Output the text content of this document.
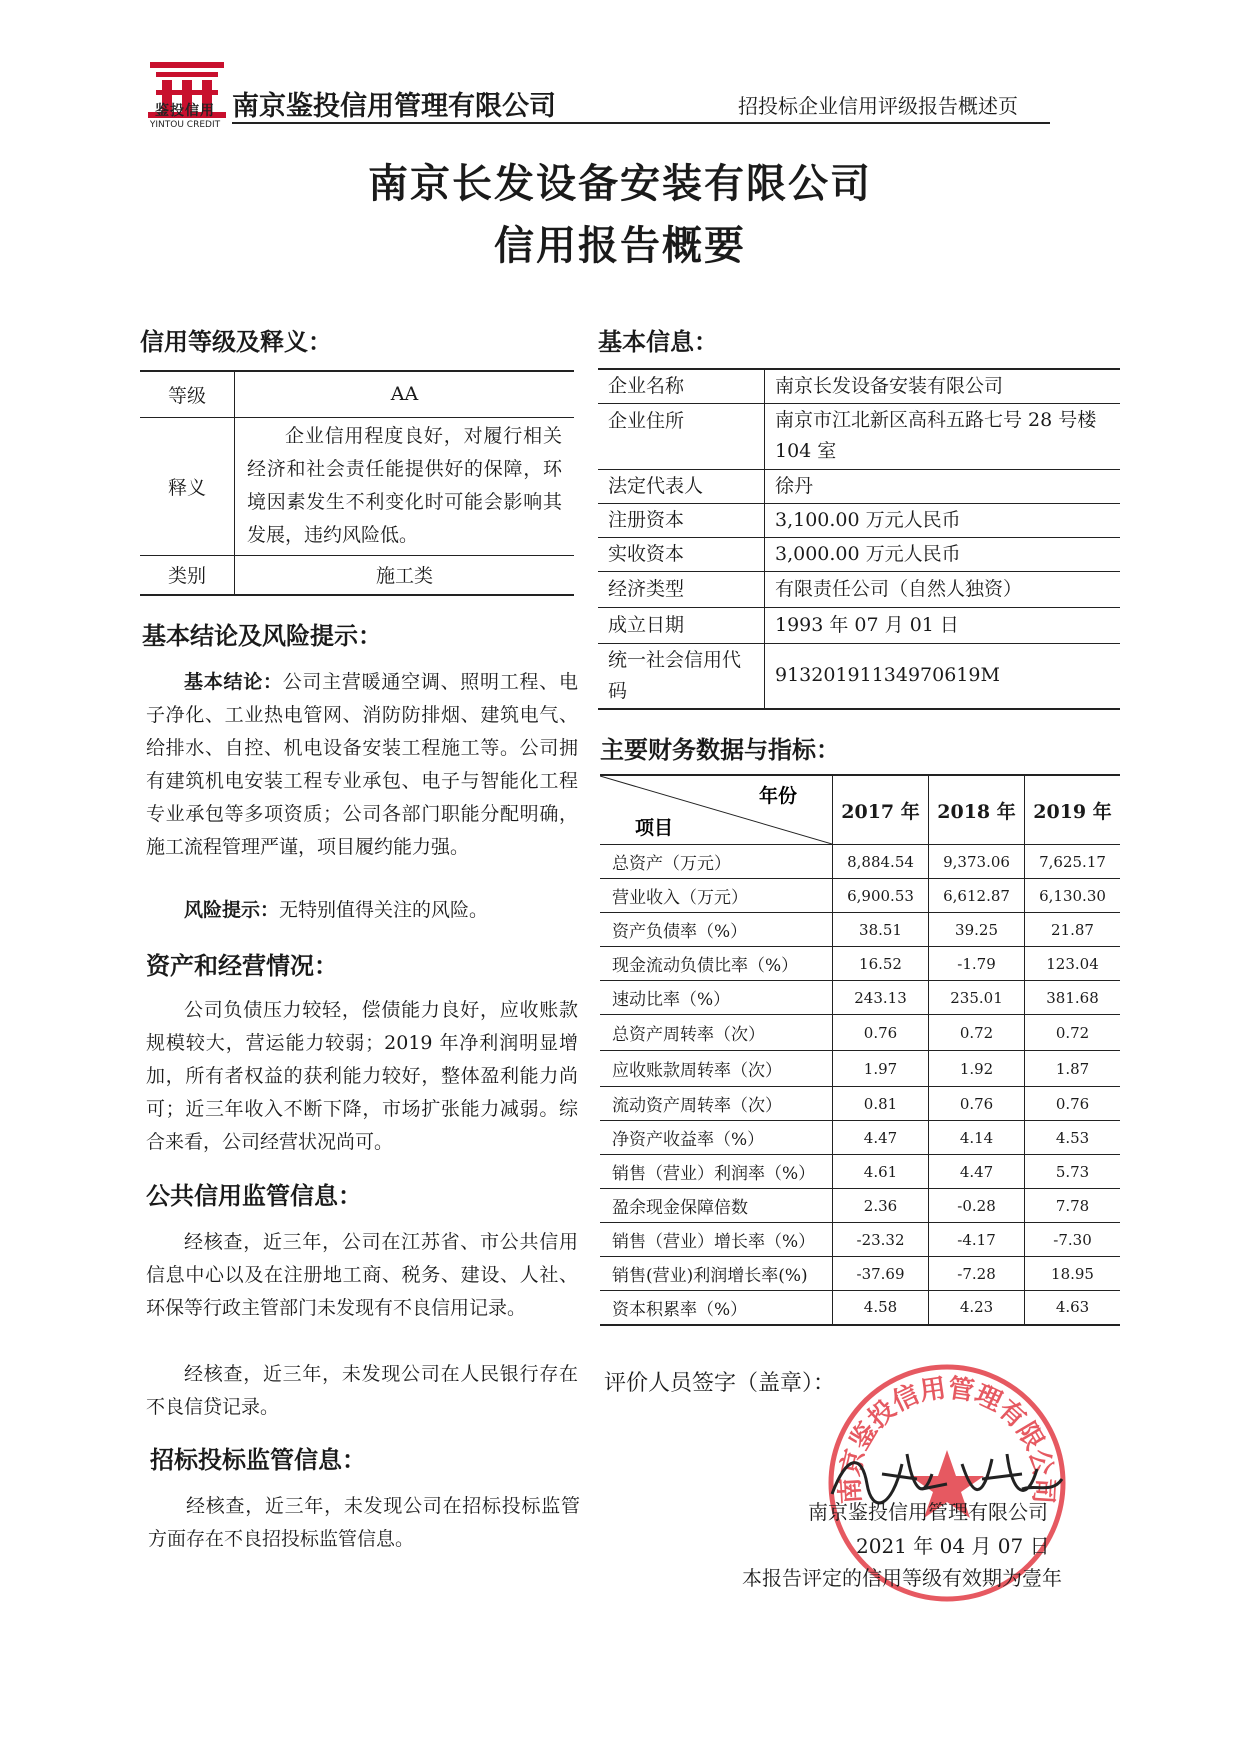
鉴投信用
YINTOU CREDIT
南京鉴投信用管理有限公司	招投标企业信用评级报告概述页
南京长发设备安装有限公司
信用报告概要
信用等级及释义：
等级	AA
释义	企业信用程度良好，对履行相关经济和社会责任能提供好的保障，环境因素发生不利变化时可能会影响其发展，违约风险低。
类别	施工类
基本结论及风险提示：
基本结论：公司主营暖通空调、照明工程、电子净化、工业热电管网、消防防排烟、建筑电气、给排水、自控、机电设备安装工程施工等。公司拥有建筑机电安装工程专业承包、电子与智能化工程专业承包等多项资质；公司各部门职能分配明确，施工流程管理严谨，项目履约能力强。
风险提示：无特别值得关注的风险。
资产和经营情况：
公司负债压力较轻，偿债能力良好，应收账款规模较大，营运能力较弱；2019 年净利润明显增加，所有者权益的获利能力较好，整体盈利能力尚可；近三年收入不断下降，市场扩张能力减弱。综合来看，公司经营状况尚可。
公共信用监管信息：
经核查，近三年，公司在江苏省、市公共信用信息中心以及在注册地工商、税务、建设、人社、环保等行政主管部门未发现有不良信用记录。
经核查，近三年，未发现公司在人民银行存在不良信贷记录。
招标投标监管信息：
经核查，近三年，未发现公司在招标投标监管方面存在不良招投标监管信息。
基本信息：
企业名称	南京长发设备安装有限公司
企业住所	南京市江北新区高科五路七号 28 号楼 104 室
法定代表人	徐丹
注册资本	3,100.00 万元人民币
实收资本	3,000.00 万元人民币
经济类型	有限责任公司（自然人独资）
成立日期	1993 年 07 月 01 日
统一社会信用代码	91320191134970619M
主要财务数据与指标：
年份
项目	2017 年	2018 年	2019 年
总资产（万元）	8,884.54	9,373.06	7,625.17
营业收入（万元）	6,900.53	6,612.87	6,130.30
资产负债率（%）	38.51	39.25	21.87
现金流动负债比率（%）	16.52	-1.79	123.04
速动比率（%）	243.13	235.01	381.68
总资产周转率（次）	0.76	0.72	0.72
应收账款周转率（次）	1.97	1.92	1.87
流动资产周转率（次）	0.81	0.76	0.76
净资产收益率（%）	4.47	4.14	4.53
销售（营业）利润率（%）	4.61	4.47	5.73
盈余现金保障倍数	2.36	-0.28	7.78
销售（营业）增长率（%）	-23.32	-4.17	-7.30
销售(营业)利润增长率(%)	-37.69	-7.28	18.95
资本积累率（%）	4.58	4.23	4.63
评价人员签字（盖章）：
南京鉴投信用管理有限公司
南京鉴投信用管理有限公司
2021 年 04 月 07 日
本报告评定的信用等级有效期为壹年
